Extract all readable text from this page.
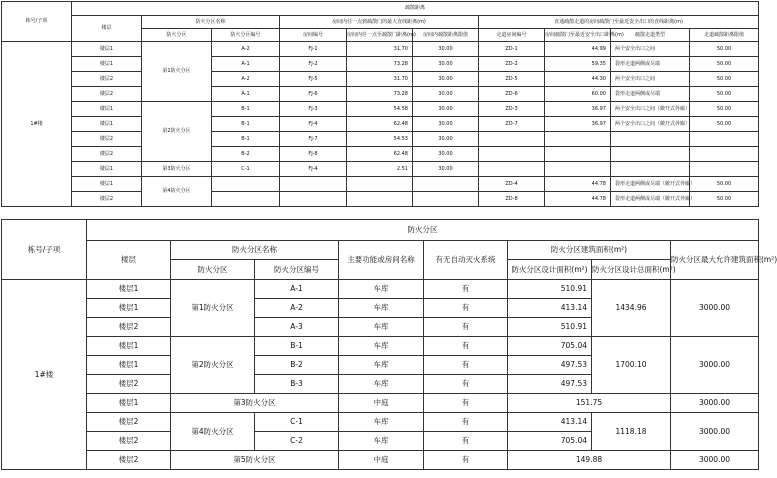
栋号/子项	疏散距离									
	楼层	防火分区名称		房间内任一点到疏散门的最大直线距离(m)			直通疏散走道的房间疏散门至最近安全出口的直线距离(m)			
		防火分区	防火分区编号	房间编号	房间内任一点至疏散门距离(m)	房间内疏散距离限值	走道房间编号	房间疏散门至最近安全出口距离(m)	疏散走道类型	走道疏散距离限值
1#楼	楼层1	第1防火分区	A-2	FJ-1	31.70	30.00	ZD-1	44.99	两个安全出口之间	50.00
	楼层1		A-1	FJ-2	73.28	30.00	ZD-2	59.35	袋形走道两侧或尽端	50.00
	楼层2		A-2	FJ-5	31.70	30.00	ZD-5	44.30	两个安全出口之间	50.00
	楼层2		A-1	FJ-6	73.28	30.00	ZD-6	60.00	袋形走道两侧或尽端	50.00
	楼层1	第2防火分区	B-1	FJ-3	54.58	30.00	ZD-3	36.97	两个安全出口之间（敞开式外廊）	50.00
	楼层1		B-1	FJ-4	62.48	30.00	ZD-7	36.97	两个安全出口之间（敞开式外廊）	50.00
	楼层2		B-1	FJ-7	54.53	30.00				
	楼层2		B-2	FJ-8	62.48	30.00				
	楼层1	第3防火分区	C-1	FJ-4	2.51	30.00				
	楼层1	第4防火分区					ZD-4	44.78	袋形走道两侧或尽端（敞开式外廊）	50.00
	楼层2						ZD-8	44.78	袋形走道两侧或尽端（敞开式外廊）	50.00
栋号/子项	防火分区							
	楼层	防火分区名称		主要功能或房间名称	有无自动灭火系统	防火分区建筑面积(m²)		防火分区最大允许建筑面积(m²)
		防火分区	防火分区编号			防火分区设计面积(m²)	防火分区设计总面积(m²)	
1#楼	楼层1	第1防火分区	A-1	车库	有	510.91	1434.96	3000.00
	楼层1		A-2	车库	有	413.14		
	楼层2		A-3	车库	有	510.91		
	楼层1	第2防火分区	B-1	车库	有	705.04	1700.10	3000.00
	楼层1		B-2	车库	有	497.53		
	楼层2		B-3	车库	有	497.53		
	楼层1	第3防火分区		中庭	有	151.75		3000.00
	楼层2	第4防火分区	C-1	车库	有	413.14	1118.18	3000.00
	楼层2		C-2	车库	有	705.04		
	楼层2	第5防火分区		中庭	有	149.88		3000.00
